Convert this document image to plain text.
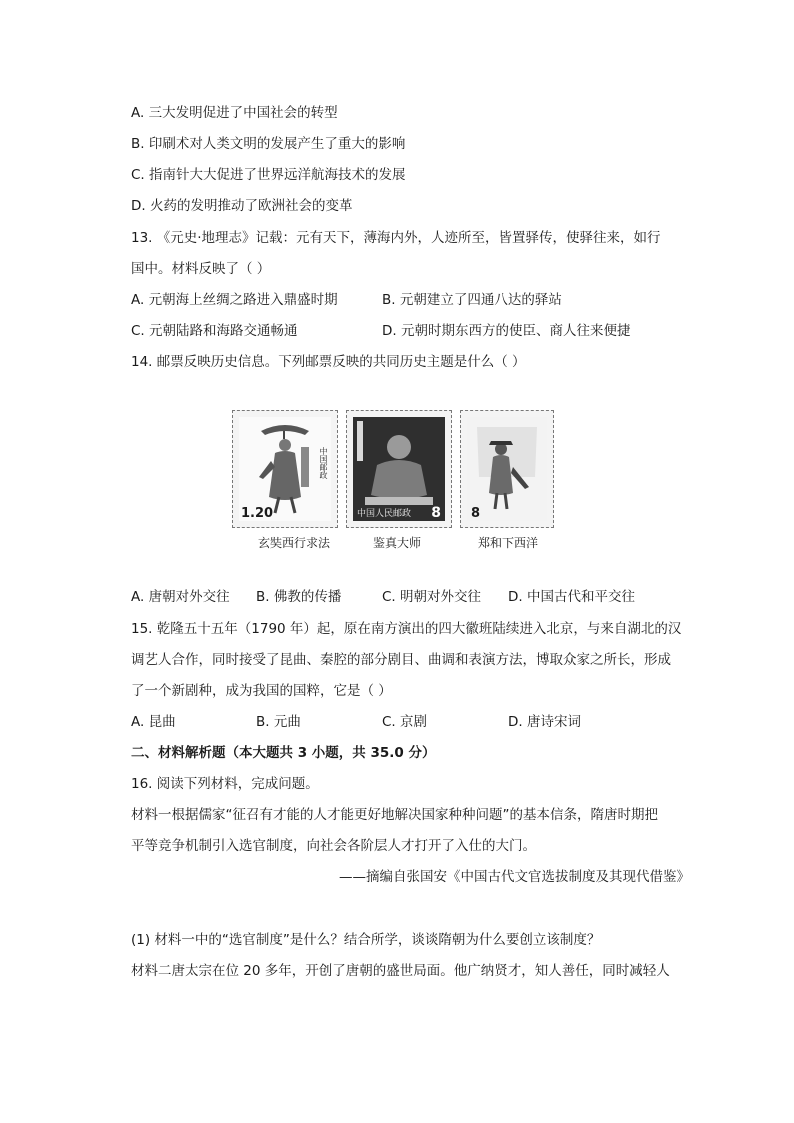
A. 三大发明促进了中国社会的转型
B. 印刷术对人类文明的发展产生了重大的影响
C. 指南针大大促进了世界远洋航海技术的发展
D. 火药的发明推动了欧洲社会的变革
13. 《元史·地理志》记载：元有天下，薄海内外，人迹所至，皆置驿传，使驿往来，如行
国中。材料反映了（ ）
A. 元朝海上丝绸之路进入鼎盛时期	B. 元朝建立了四通八达的驿站
C. 元朝陆路和海路交通畅通	D. 元朝时期东西方的使臣、商人往来便捷
14. 邮票反映历史信息。下列邮票反映的共同历史主题是什么（ ）
1.20
中国邮政
中国人民邮政 8 8
玄奘西行求法	鉴真大师	郑和下西洋
A. 唐朝对外交往 B. 佛教的传播	C. 明朝对外交往 D. 中国古代和平交往
15. 乾隆五十五年（1790 年）起，原在南方演出的四大徽班陆续进入北京，与来自湖北的汉
调艺人合作，同时接受了昆曲、秦腔的部分剧目、曲调和表演方法，博取众家之所长，形成
了一个新剧种，成为我国的国粹，它是（ ）
A. 昆曲	B. 元曲	C. 京剧	D. 唐诗宋词
二、材料解析题（本大题共 3 小题，共 35.0 分）
16. 阅读下列材料，完成问题。
材料一根据儒家“征召有才能的人才能更好地解决国家种种问题”的基本信条，隋唐时期把
平等竞争机制引入选官制度，向社会各阶层人才打开了入仕的大门。
——摘编自张国安《中国古代文官选拔制度及其现代借鉴》
(1) 材料一中的“选官制度”是什么？结合所学，谈谈隋朝为什么要创立该制度？
材料二唐太宗在位 20 多年，开创了唐朝的盛世局面。他广纳贤才，知人善任，同时减轻人
